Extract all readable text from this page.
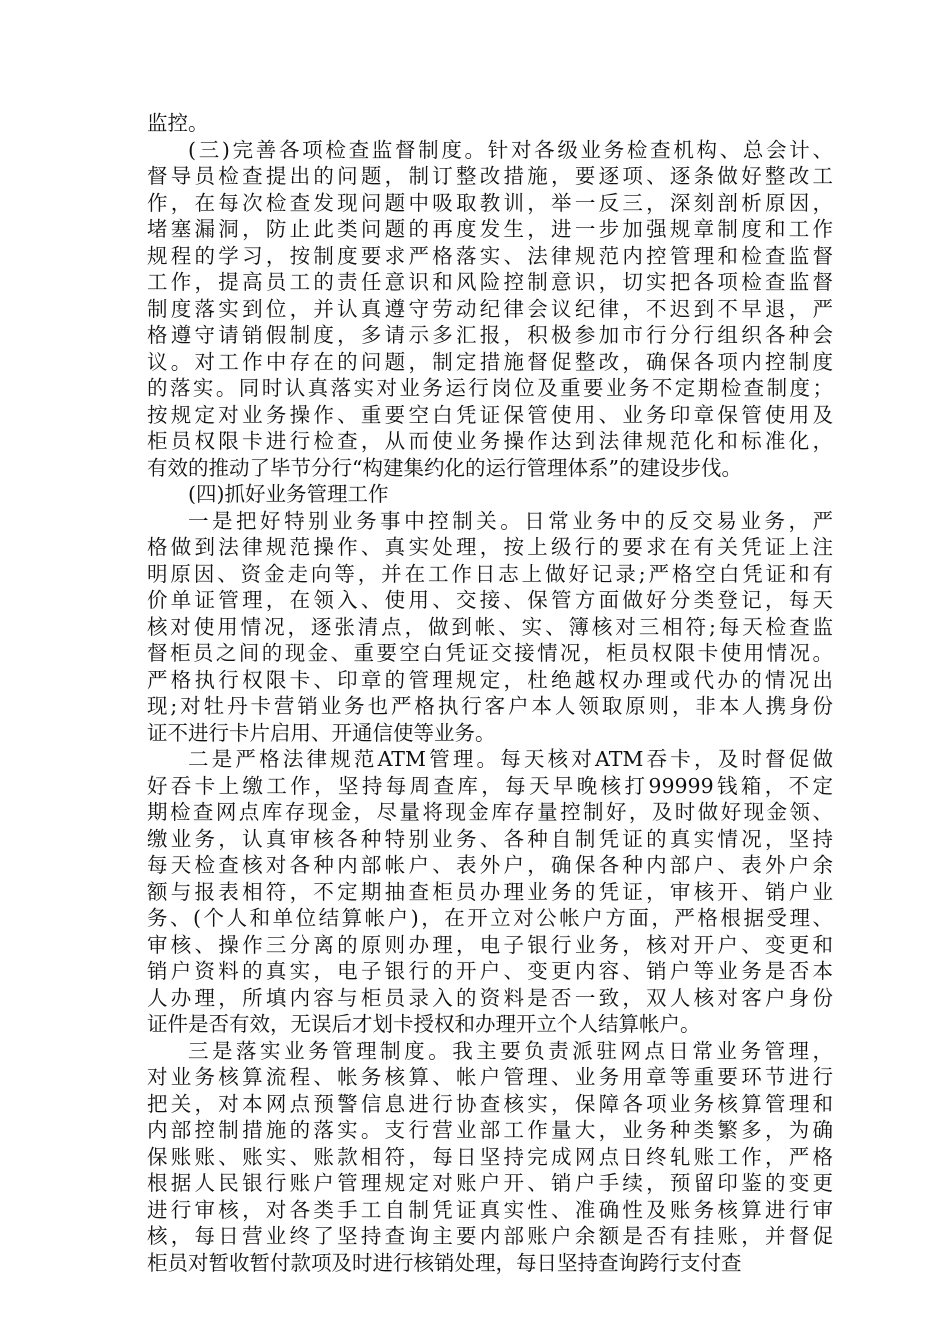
监控。
(三)完善各项检查监督制度。针对各级业务检查机构、总会计、
督导员检查提出的问题，制订整改措施，要逐项、逐条做好整改工
作，在每次检查发现问题中吸取教训，举一反三，深刻剖析原因，
堵塞漏洞，防止此类问题的再度发生，进一步加强规章制度和工作
规程的学习，按制度要求严格落实、法律规范内控管理和检查监督
工作，提高员工的责任意识和风险控制意识，切实把各项检查监督
制度落实到位，并认真遵守劳动纪律会议纪律，不迟到不早退，严
格遵守请销假制度，多请示多汇报，积极参加市行分行组织各种会
议。对工作中存在的问题，制定措施督促整改，确保各项内控制度
的落实。同时认真落实对业务运行岗位及重要业务不定期检查制度；
按规定对业务操作、重要空白凭证保管使用、业务印章保管使用及
柜员权限卡进行检查，从而使业务操作达到法律规范化和标准化，
有效的推动了毕节分行“构建集约化的运行管理体系”的建设步伐。
(四)抓好业务管理工作
一是把好特别业务事中控制关。日常业务中的反交易业务，严
格做到法律规范操作、真实处理，按上级行的要求在有关凭证上注
明原因、资金走向等，并在工作日志上做好记录;严格空白凭证和有
价单证管理，在领入、使用、交接、保管方面做好分类登记，每天
核对使用情况，逐张清点，做到帐、实、簿核对三相符;每天检查监
督柜员之间的现金、重要空白凭证交接情况，柜员权限卡使用情况。
严格执行权限卡、印章的管理规定，杜绝越权办理或代办的情况出
现;对牡丹卡营销业务也严格执行客户本人领取原则，非本人携身份
证不进行卡片启用、开通信使等业务。
二是严格法律规范ATM管理。每天核对ATM吞卡，及时督促做
好吞卡上缴工作，坚持每周查库，每天早晚核打99999钱箱，不定
期检查网点库存现金，尽量将现金库存量控制好，及时做好现金领、
缴业务，认真审核各种特别业务、各种自制凭证的真实情况，坚持
每天检查核对各种内部帐户、表外户，确保各种内部户、表外户余
额与报表相符，不定期抽查柜员办理业务的凭证，审核开、销户业
务、(个人和单位结算帐户)，在开立对公帐户方面，严格根据受理、
审核、操作三分离的原则办理，电子银行业务，核对开户、变更和
销户资料的真实，电子银行的开户、变更内容、销户等业务是否本
人办理，所填内容与柜员录入的资料是否一致，双人核对客户身份
证件是否有效，无误后才划卡授权和办理开立个人结算帐户。
三是落实业务管理制度。我主要负责派驻网点日常业务管理，
对业务核算流程、帐务核算、帐户管理、业务用章等重要环节进行
把关，对本网点预警信息进行协查核实，保障各项业务核算管理和
内部控制措施的落实。支行营业部工作量大，业务种类繁多，为确
保账账、账实、账款相符，每日坚持完成网点日终轧账工作，严格
根据人民银行账户管理规定对账户开、销户手续，预留印鉴的变更
进行审核，对各类手工自制凭证真实性、准确性及账务核算进行审
核，每日营业终了坚持查询主要内部账户余额是否有挂账，并督促
柜员对暂收暂付款项及时进行核销处理，每日坚持查询跨行支付查
